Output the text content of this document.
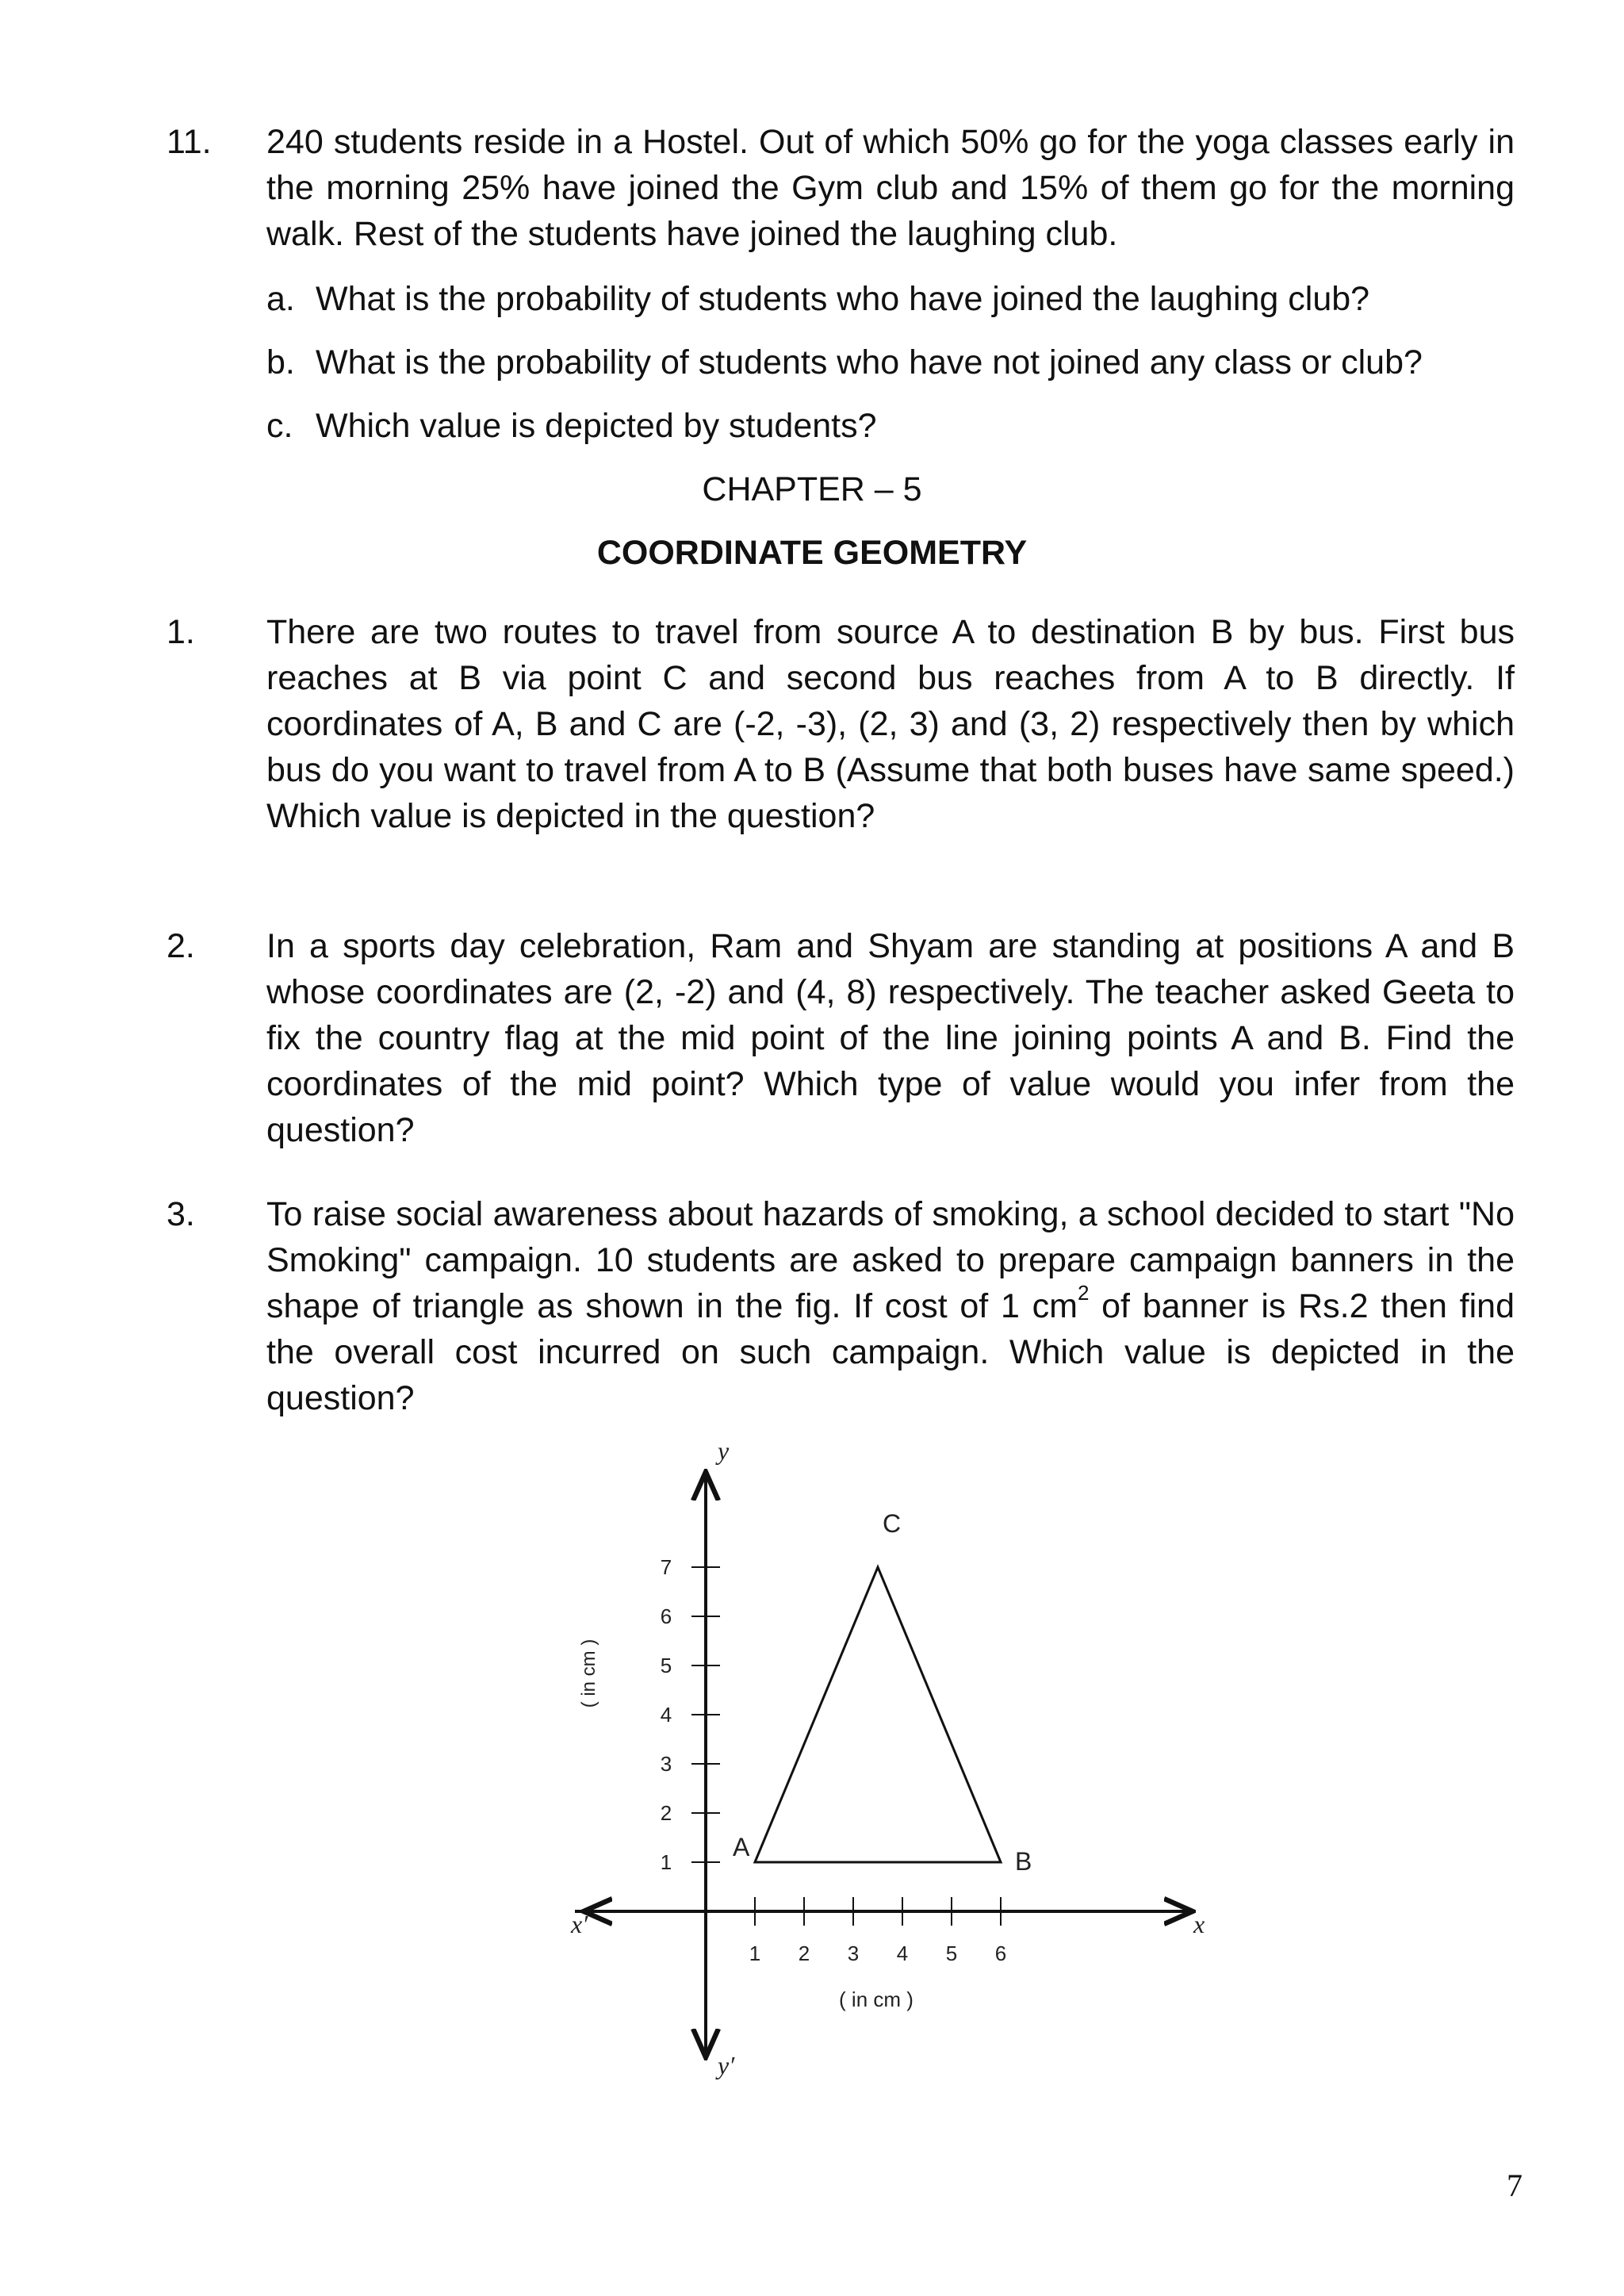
11.	240 students reside in a Hostel. Out of which 50% go for the yoga classes early in the morning 25% have joined the Gym club and 15% of them go for the morning walk. Rest of the students have joined the laughing club.
a. What is the probability of students who have joined the laughing club?
b. What is the probability of students who have not joined any class or club?
c. Which value is depicted by students?
CHAPTER – 5
COORDINATE GEOMETRY
1.	There are two routes to travel from source A to destination B by bus. First bus reaches at B via point C and second bus reaches from A to B directly. If coordinates of A, B and C are (-2, -3), (2, 3) and (3, 2) respectively then by which bus do you want to travel from A to B (Assume that both buses have same speed.) Which value is depicted in the question?
2.	In a sports day celebration, Ram and Shyam are standing at positions A and B whose coordinates are (2, -2) and (4, 8) respectively. The teacher asked Geeta to fix the country flag at the mid point of the line joining points A and B. Find the coordinates of the mid point? Which type of value would you infer from the question?
3.	To raise social awareness about hazards of smoking, a school decided to start "No Smoking" campaign. 10 students are asked to prepare campaign banners in the shape of triangle as shown in the fig. If cost of 1 $cm^2$ of banner is Rs.2 then find the overall cost incurred on such campaign. Which value is depicted in the question?
1 2 3 4 5 6
1
2
3
4
5
6
7
A	B
C
x
x′
y
y′
( in cm )
( in cm )
7
